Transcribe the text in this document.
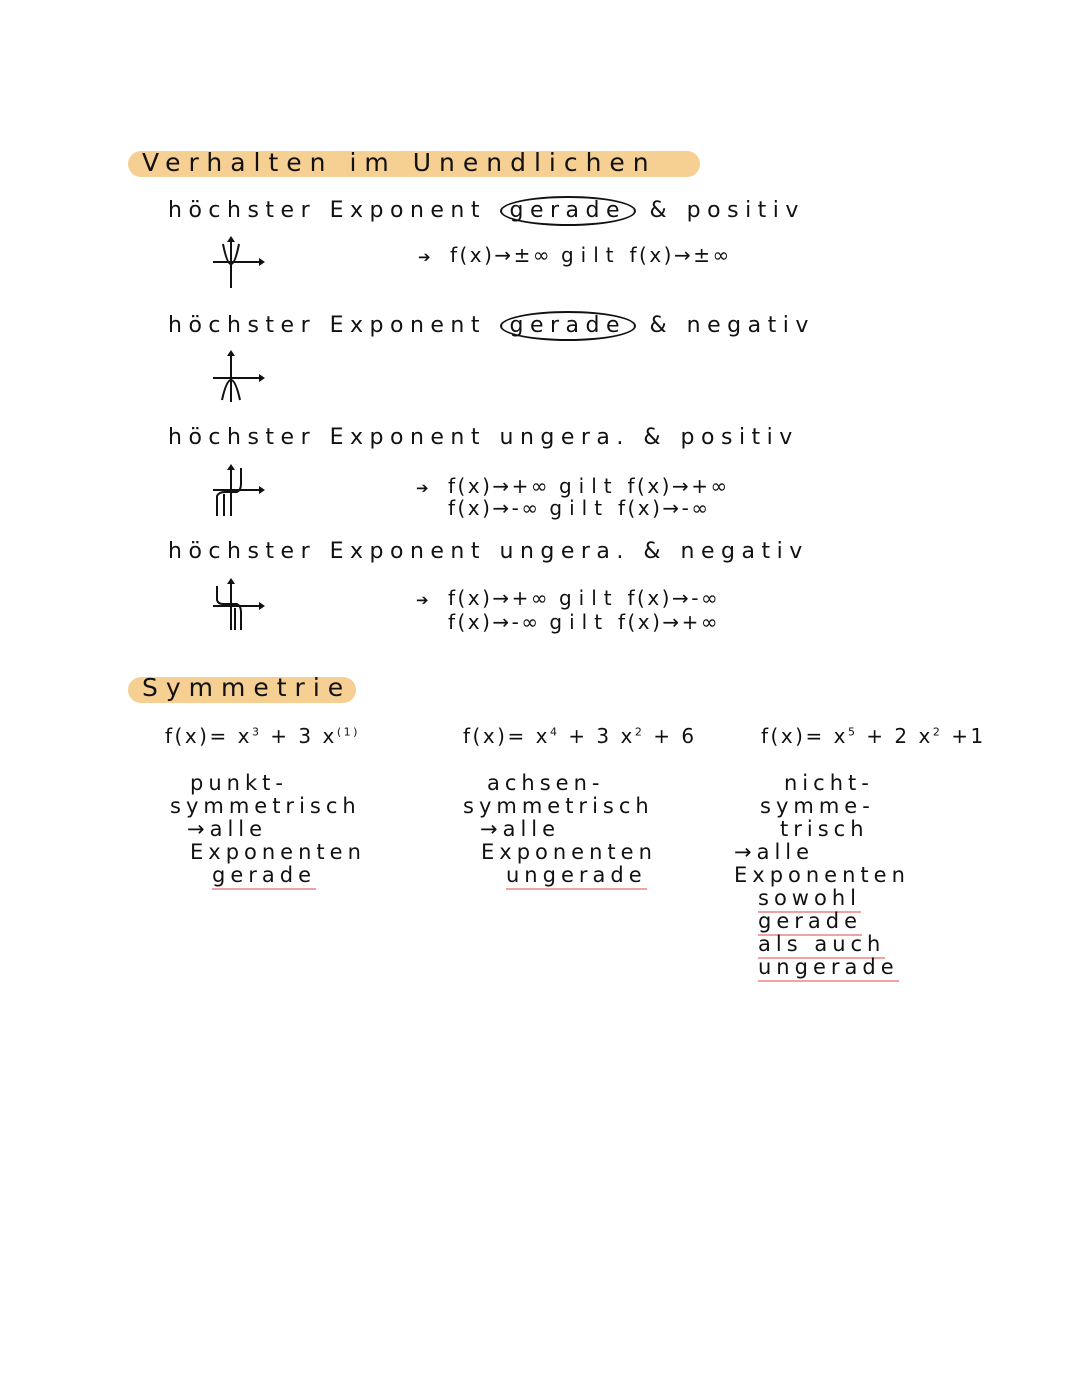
Verhalten im Unendlichen
höchster Exponent gerade & positiv
➔ f(x)→±∞ gilt f(x)→±∞
höchster Exponent gerade & negativ
höchster Exponent ungera. & positiv
➔ f(x)→+∞ gilt f(x)→+∞
f(x)→-∞ gilt f(x)→-∞
höchster Exponent ungera. & negativ
➔ f(x)→+∞ gilt f(x)→-∞
f(x)→-∞ gilt f(x)→+∞
Symmetrie
$f(x)= x^3 + 3$ $x^{(1)}$
punkt-
symmetrisch
→alle
Exponenten
gerade
$f(x)= x^4 + 3$ $x^2 + 6$
achsen-
symmetrisch
→alle
Exponenten
ungerade
$f(x)= x^5 + 2$ $x^2 +1$
nicht-
symme-
trisch
→alle
Exponenten
sowohl
gerade
als auch
ungerade
